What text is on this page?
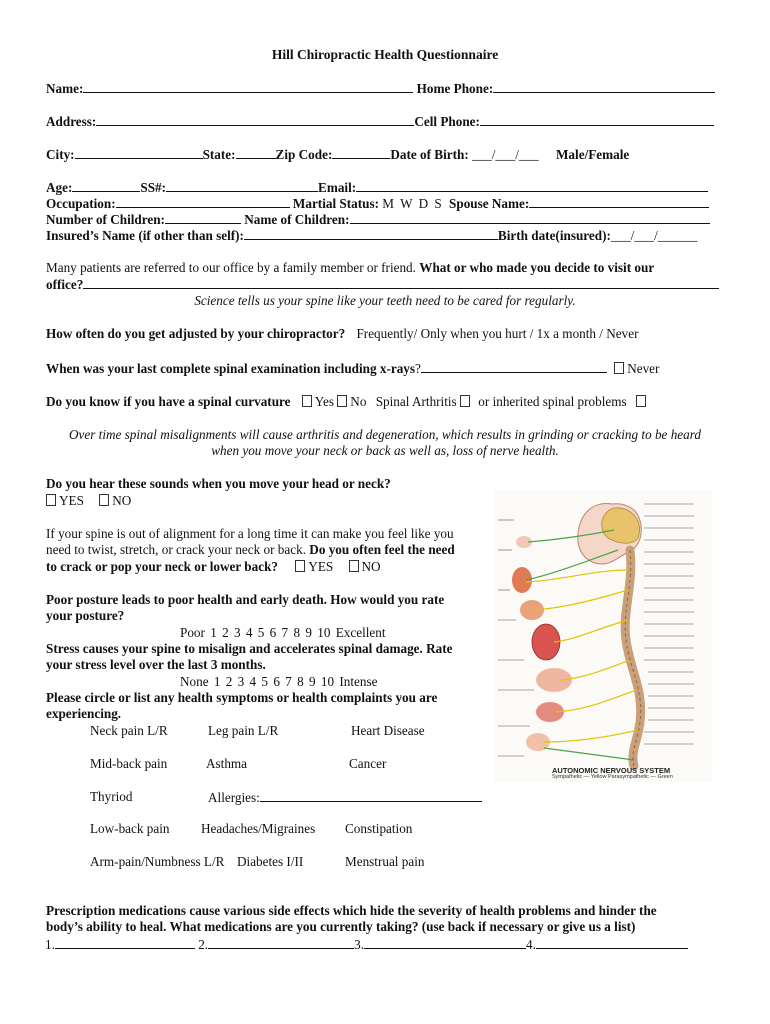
Hill Chiropractic Health Questionnaire
Name:	Home Phone:
Address:	Cell Phone:
City:	State:	Zip Code:	Date of Birth: ___/___/___ Male/Female
Age:	SS#:	Email:
Occupation:	Martial Status: M W D S Spouse Name:
Number of Children:	Name of Children:
Insured’s Name (if other than self):	Birth date(insured):___/___/______
Many patients are referred to our office by a family member or friend. What or who made you decide to visit our
office?
Science tells us your spine like your teeth need to be cared for regularly.
How often do you get adjusted by your chiropractor? Frequently/ Only when you hurt / 1x a month / Never
When was your last complete spinal examination including x-rays?	Never
Do you know if you have a spinal curvature Yes No Spinal Arthritis or inherited spinal problems
Over time spinal misalignments will cause arthritis and degeneration, which results in grinding or cracking to be heard
when you move your neck or back as well as, loss of nerve health.
Do you hear these sounds when you move your head or neck?
YES NO
If your spine is out of alignment for a long time it can make you feel like you
need to twist, stretch, or crack your neck or back. Do you often feel the need
to crack or pop your neck or lower back? YES NO
Poor posture leads to poor health and early death. How would you rate
your posture?
Poor 1 2 3 4 5 6 7 8 9 10 Excellent
Stress causes your spine to misalign and accelerates spinal damage. Rate
your stress level over the last 3 months.
None 1 2 3 4 5 6 7 8 9 10 Intense
Please circle or list any health symptoms or health complaints you are
experiencing.
Neck pain L/R	Leg pain L/R	Heart Disease
Mid-back pain	Asthma	Cancer
Thyriod	Allergies:
Low-back pain Headaches/Migraines Constipation
Arm-pain/Numbness L/R Diabetes I/II	Menstrual pain
Prescription medications cause various side effects which hide the severity of health problems and hinder the
body’s ability to heal. What medications are you currently taking? (use back if necessary or give us a list)
1.	2.	3.	4.
AUTONOMIC NERVOUS SYSTEM
Sympathetic — Yellow Parasympathetic — Green
